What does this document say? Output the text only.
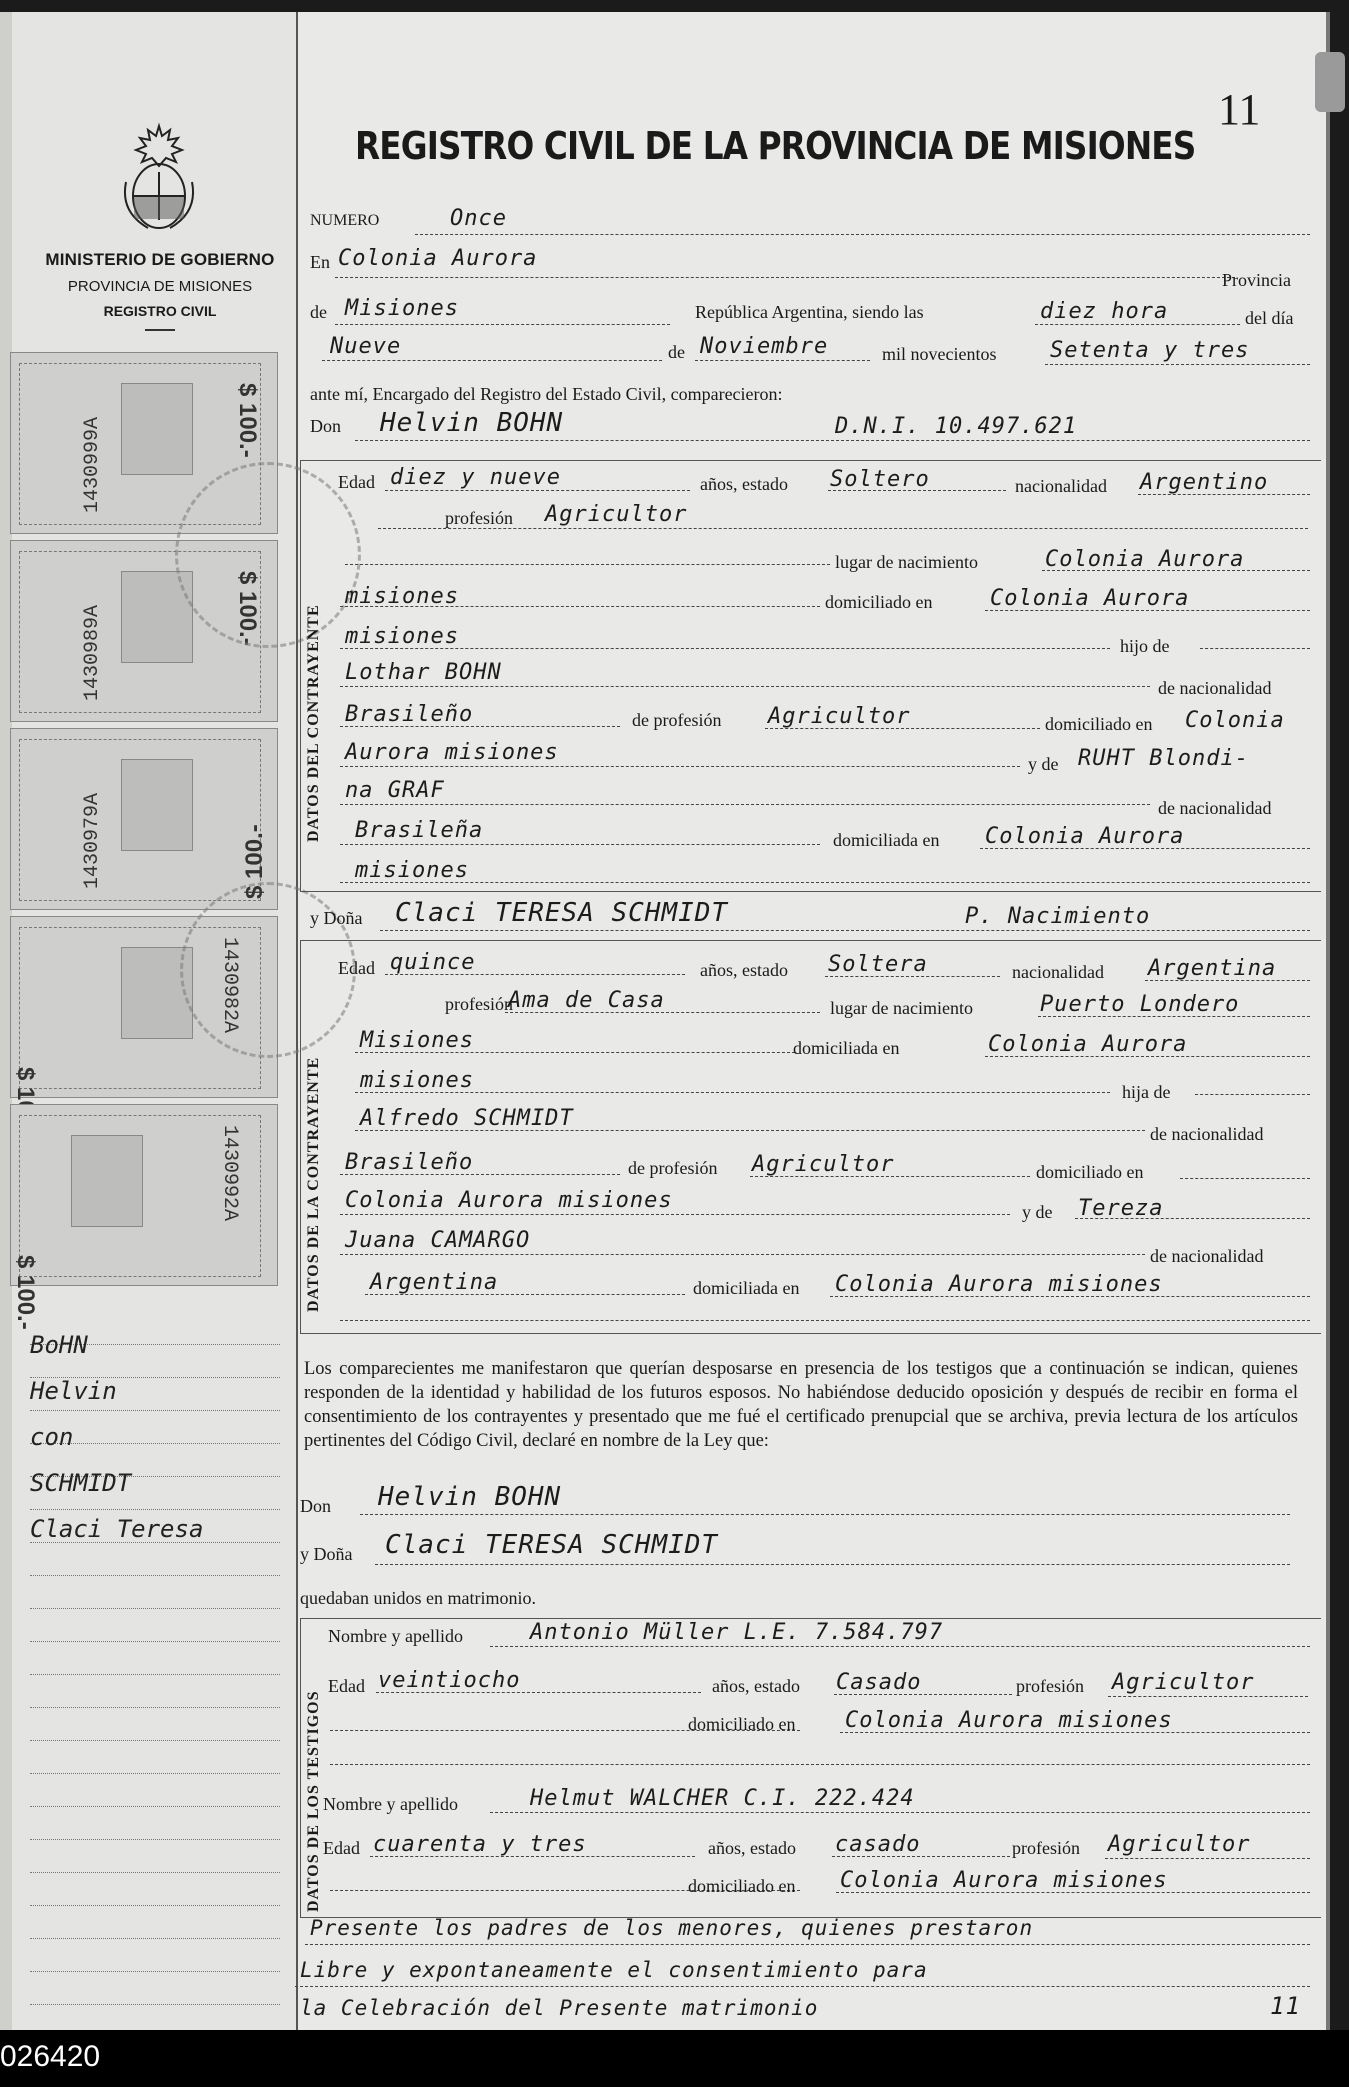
MINISTERIO DE GOBIERNO
PROVINCIA DE MISIONES
REGISTRO CIVIL
1430999A	$ 100.-
1430989A	$ 100.-
1430979A	$ 100.-
1430982A
1430992A
$ 100.-
BoHN
Helvin
con
SCHMIDT
Claci Teresa
11
REGISTRO CIVIL DE LA PROVINCIA DE MISIONES
NUMERO	Once
En Colonia Aurora
Provincia
de Misiones	República Argentina, siendo las	diez hora	del día
Nueve	de Noviembre	mil novecientos Setenta y tres
ante mí, Encargado del Registro del Estado Civil, comparecieron:
Don Helvin BOHN	D.N.I. 10.497.621
DATOS DEL CONTRAYENTE
Edad diez y nueve	años, estado Soltero	nacionalidad Argentino
profesión Agricultor
lugar de nacimiento	Colonia Aurora
misiones	domiciliado en	Colonia Aurora
misiones	hijo de
Lothar BOHN
de nacionalidad
Brasileño	de profesión Agricultor	domiciliado en Colonia
Aurora misiones	y de RUHT Blondi-
na GRAF
de nacionalidad
Brasileña	domiciliada en Colonia Aurora
misiones
y Doña Claci TERESA SCHMIDT	P. Nacimiento
DATOS DE LA CONTRAYENTE
Edad quince	años, estado Soltera	nacionalidad Argentina
profesión
Ama de Casa	lugar de nacimiento	Puerto Londero
Misiones	domiciliada en	Colonia Aurora
misiones	hija de
Alfredo SCHMIDT
de nacionalidad
Brasileño	de profesión Agricultor	domiciliado en
Colonia Aurora misiones	y de Tereza
Juana CAMARGO
de nacionalidad
Argentina	domiciliada en Colonia Aurora misiones
Los comparecientes me manifestaron que querían desposarse en presencia de los testigos que a continuación se indican, quienes responden de la identidad y habilidad de los futuros esposos. No habiéndose deducido oposición y después de recibir en forma el consentimiento de los contrayentes y presentado que me fué el certificado prenupcial que se archiva, previa lectura de los artículos pertinentes del Código Civil, declaré en nombre de la Ley que:
Don Helvin BOHN
y Doña Claci TERESA SCHMIDT
quedaban unidos en matrimonio.
DATOS DE LOS TESTIGOS
Nombre y apellido	Antonio Müller L.E. 7.584.797
Edad veintiocho	años, estado Casado	profesión Agricultor
domiciliado en Colonia Aurora misiones
Nombre y apellido	Helmut WALCHER C.I. 222.424
Edad cuarenta y tres	años, estado casado	profesión Agricultor
domiciliado en Colonia Aurora misiones
Presente los padres de los menores, quienes prestaron
Libre y expontaneamente el consentimiento para
la Celebración del Presente matrimonio	11
026420
